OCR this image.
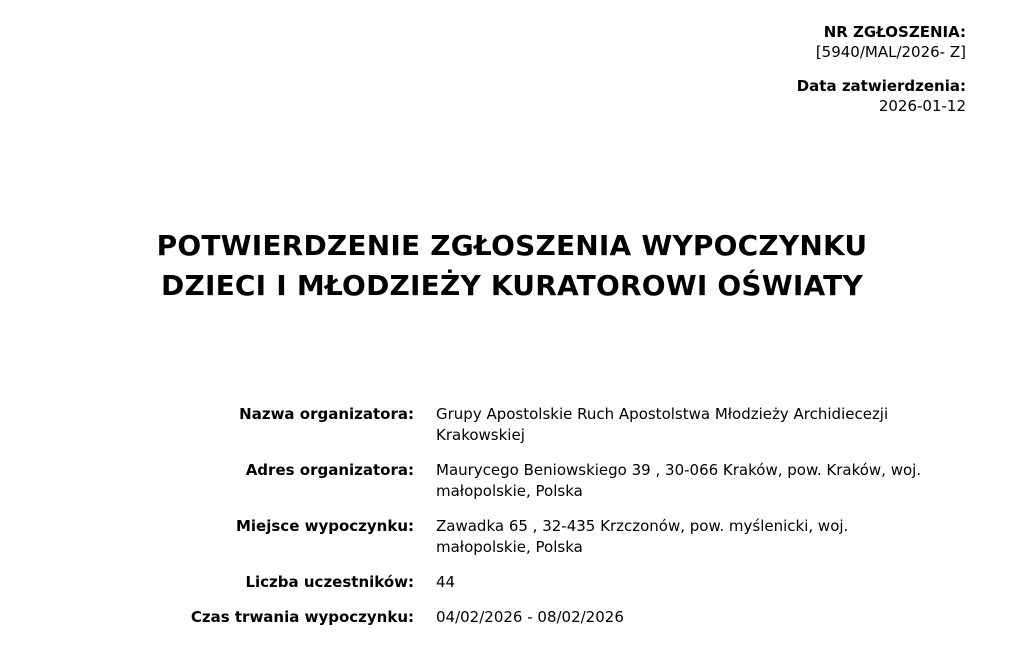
NR ZGŁOSZENIA:
[5940/MAL/2026- Z]
Data zatwierdzenia:
2026-01-12
POTWIERDZENIE ZGŁOSZENIA WYPOCZYNKU
DZIECI I MŁODZIEŻY KURATOROWI OŚWIATY
Nazwa organizatora: Grupy Apostolskie Ruch Apostolstwa Młodzieży Archidiecezji Krakowskiej
Adres organizatora: Maurycego Beniowskiego 39 , 30-066 Kraków, pow. Kraków, woj. małopolskie, Polska
Miejsce wypoczynku: Zawadka 65 , 32-435 Krzczonów, pow. myślenicki, woj. małopolskie, Polska
Liczba uczestników: 44
Czas trwania wypoczynku: 04/02/2026 - 08/02/2026
